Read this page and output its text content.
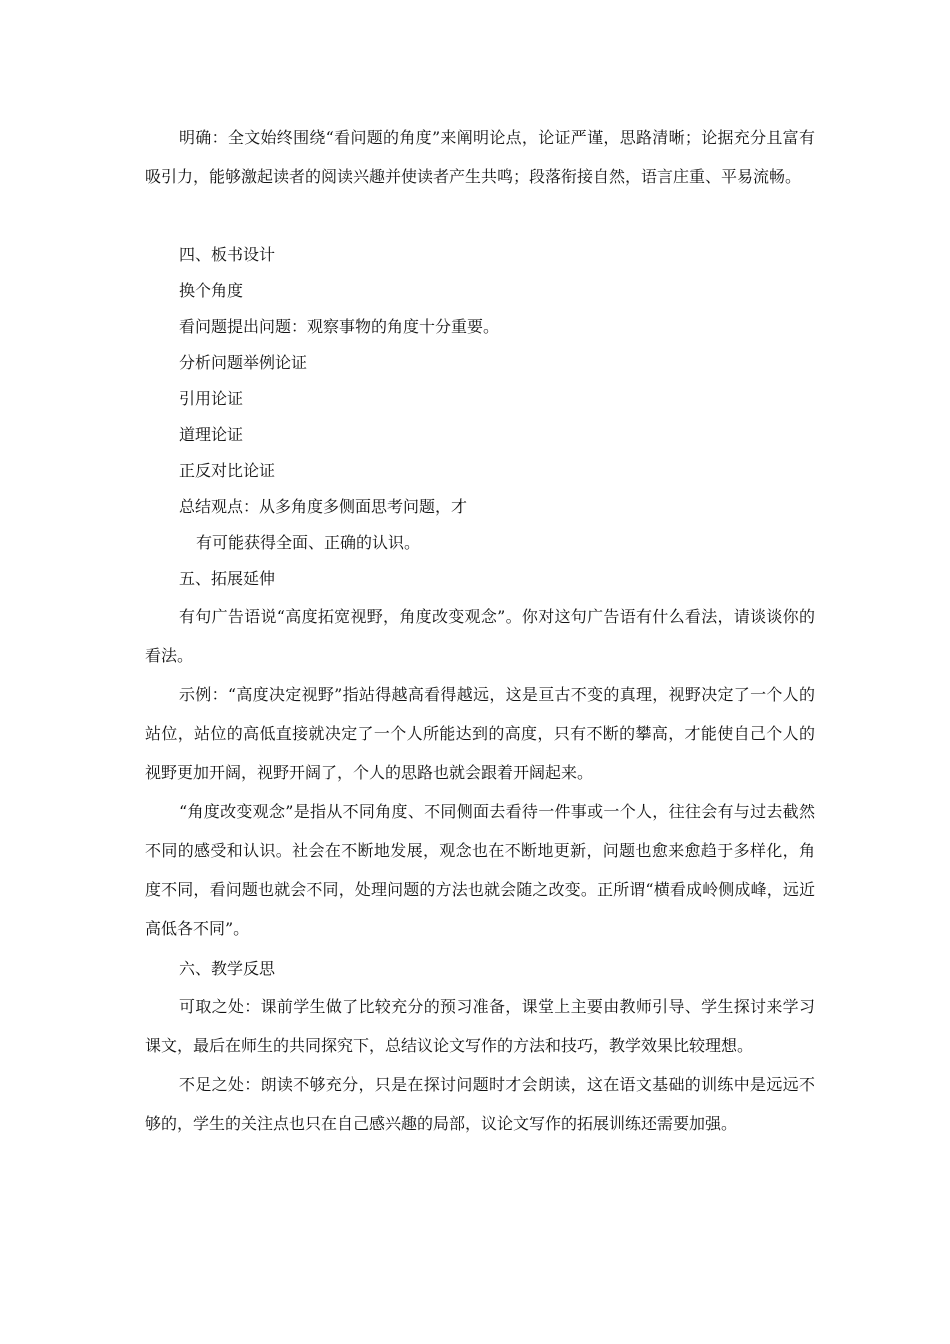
明确：全文始终围绕“看问题的角度”来阐明论点，论证严谨，思路清晰；论据充分且富有吸引力，能够激起读者的阅读兴趣并使读者产生共鸣；段落衔接自然，语言庄重、平易流畅。

四、板书设计

换个角度

看问题提出问题：观察事物的角度十分重要。

分析问题举例论证

引用论证

道理论证

正反对比论证

总结观点：从多角度多侧面思考问题，才

有可能获得全面、正确的认识。

五、拓展延伸

有句广告语说“高度拓宽视野，角度改变观念”。你对这句广告语有什么看法，请谈谈你的看法。

示例：“高度决定视野”指站得越高看得越远，这是亘古不变的真理，视野决定了一个人的站位，站位的高低直接就决定了一个人所能达到的高度，只有不断的攀高，才能使自己个人的视野更加开阔，视野开阔了，个人的思路也就会跟着开阔起来。

“角度改变观念”是指从不同角度、不同侧面去看待一件事或一个人，往往会有与过去截然不同的感受和认识。社会在不断地发展，观念也在不断地更新，问题也愈来愈趋于多样化，角度不同，看问题也就会不同，处理问题的方法也就会随之改变。正所谓“横看成岭侧成峰，远近高低各不同”。

六、教学反思

可取之处：课前学生做了比较充分的预习准备，课堂上主要由教师引导、学生探讨来学习课文，最后在师生的共同探究下，总结议论文写作的方法和技巧，教学效果比较理想。

不足之处：朗读不够充分，只是在探讨问题时才会朗读，这在语文基础的训练中是远远不够的，学生的关注点也只在自己感兴趣的局部，议论文写作的拓展训练还需要加强。
